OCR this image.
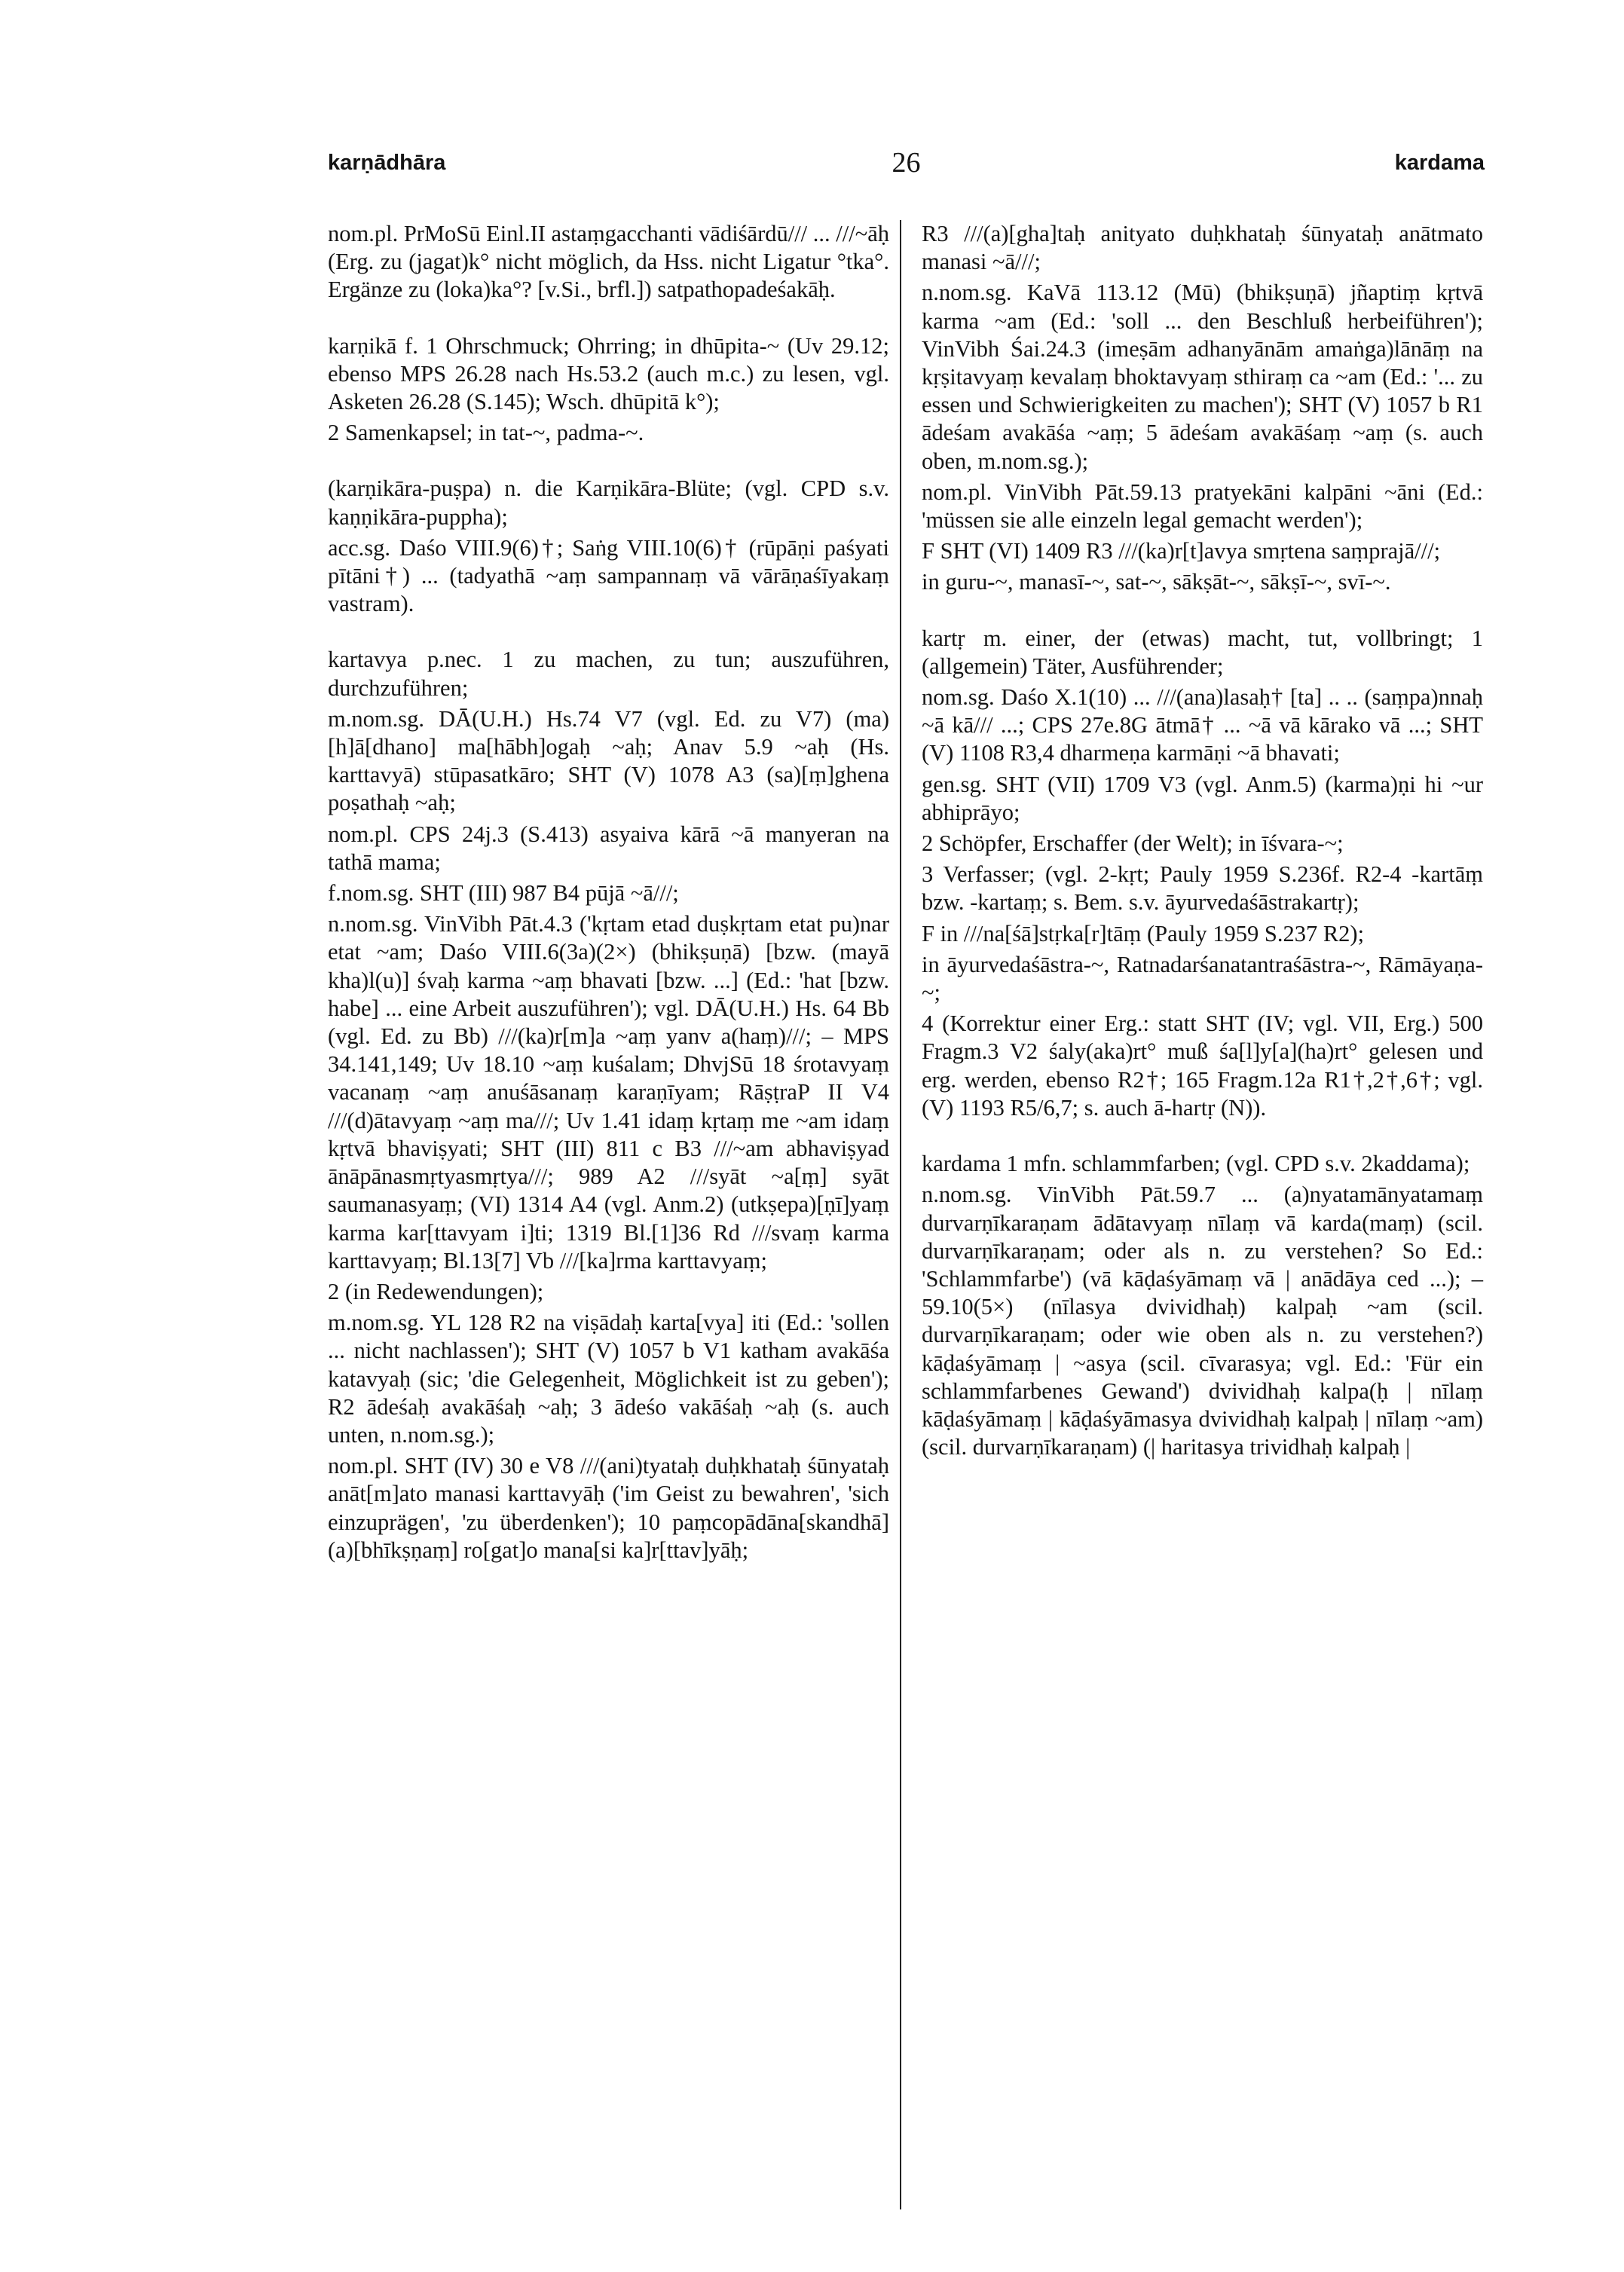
karṇādhāra	26	kardama
nom.pl. PrMoSū Einl.II astaṃgacchanti vādiśārdū/// ... ///~āḥ (Erg. zu (jagat)k° nicht möglich, da Hss. nicht Ligatur °tka°. Ergänze zu (loka)ka°? [v.Si., brfl.]) satpathopadeśakāḥ.
karṇikā f. 1 Ohrschmuck; Ohrring; in dhūpita-~ (Uv 29.12; ebenso MPS 26.28 nach Hs.53.2 (auch m.c.) zu lesen, vgl. Asketen 26.28 (S.145); Wsch. dhūpitā k°);
2 Samenkapsel; in tat-~, padma-~.
(karṇikāra-puṣpa) n. die Karṇikāra-Blüte; (vgl. CPD s.v. kaṇṇikāra-puppha);
acc.sg. Daśo VIII.9(6)†; Saṅg VIII.10(6)† (rūpāṇi paśyati pītāni†) ... (tadyathā ~aṃ sampannaṃ vā vārāṇaśīyakaṃ vastram).
kartavya p.nec. 1 zu machen, zu tun; auszuführen, durchzuführen;
m.nom.sg. DĀ(U.H.) Hs.74 V7 (vgl. Ed. zu V7) (ma)[h]ā[dhano] ma[hābh]ogaḥ ~aḥ; Anav 5.9 ~aḥ (Hs. karttavyā) stūpasatkāro; SHT (V) 1078 A3 (sa)[ṃ]ghena poṣathaḥ ~aḥ;
nom.pl. CPS 24j.3 (S.413) asyaiva kārā ~ā manyeran na tathā mama;
f.nom.sg. SHT (III) 987 B4 pūjā ~ā///;
n.nom.sg. VinVibh Pāt.4.3 ('kṛtam etad duṣkṛtam etat pu)nar etat ~am; Daśo VIII.6(3a)(2×) (bhikṣuṇā) [bzw. (mayā kha)l(u)] śvaḥ karma ~aṃ bhavati [bzw. ...] (Ed.: 'hat [bzw. habe] ... eine Arbeit auszuführen'); vgl. DĀ(U.H.) Hs. 64 Bb (vgl. Ed. zu Bb) ///(ka)r[m]a ~aṃ yanv a(haṃ)///; – MPS 34.141,149; Uv 18.10 ~aṃ kuśalam; DhvjSū 18 śrotavyaṃ vacanaṃ ~aṃ anuśāsanaṃ karaṇīyam; RāṣṭraP II V4 ///(d)ātavyaṃ ~aṃ ma///; Uv 1.41 idaṃ kṛtaṃ me ~am idaṃ kṛtvā bhaviṣyati; SHT (III) 811 c B3 ///~am abhaviṣyad ānāpānasmṛtyasmṛtya///; 989 A2 ///syāt ~a[ṃ] syāt saumanasyaṃ; (VI) 1314 A4 (vgl. Anm.2) (utkṣepa)[ṇī]yaṃ karma kar[ttavyam i]ti; 1319 Bl.[1]36 Rd ///svaṃ karma karttavyaṃ; Bl.13[7] Vb ///[ka]rma karttavyaṃ;
2 (in Redewendungen);
m.nom.sg. YL 128 R2 na viṣādaḥ karta[vya] iti (Ed.: 'sollen ... nicht nachlassen'); SHT (V) 1057 b V1 katham avakāśa katavyaḥ (sic; 'die Gelegenheit, Möglichkeit ist zu geben'); R2 ādeśaḥ avakāśaḥ ~aḥ; 3 ādeśo vakāśaḥ ~aḥ (s. auch unten, n.nom.sg.);
nom.pl. SHT (IV) 30 e V8 ///(ani)tyataḥ duḥkhataḥ śūnyataḥ anāt[m]ato manasi karttavyāḥ ('im Geist zu bewahren', 'sich einzuprägen', 'zu überdenken'); 10 paṃcopādāna[skandhā] (a)[bhīkṣṇaṃ] ro[gat]o mana[si ka]r[ttav]yāḥ;
R3 ///(a)[gha]taḥ anityato duḥkhataḥ śūnyataḥ anātmato manasi ~ā///;
n.nom.sg. KaVā 113.12 (Mū) (bhikṣuṇā) jñaptiṃ kṛtvā karma ~am (Ed.: 'soll ... den Beschluß herbeiführen'); VinVibh Śai.24.3 (imeṣām adhanyānām amaṅga)lānāṃ na kṛṣitavyaṃ kevalaṃ bhoktavyaṃ sthiraṃ ca ~am (Ed.: '... zu essen und Schwierigkeiten zu machen'); SHT (V) 1057 b R1 ādeśam avakāśa ~aṃ; 5 ādeśam avakāśaṃ ~aṃ (s. auch oben, m.nom.sg.);
nom.pl. VinVibh Pāt.59.13 pratyekāni kalpāni ~āni (Ed.: 'müssen sie alle einzeln legal gemacht werden');
F SHT (VI) 1409 R3 ///(ka)r[t]avya smṛtena saṃprajā///;
in guru-~, manasī-~, sat-~, sākṣāt-~, sākṣī-~, svī-~.
kartṛ m. einer, der (etwas) macht, tut, vollbringt; 1 (allgemein) Täter, Ausführender;
nom.sg. Daśo X.1(10) ... ///(ana)lasaḥ† [ta] .. .. (saṃpa)nnaḥ ~ā kā/// ...; CPS 27e.8G ātmā† ... ~ā vā kārako vā ...; SHT (V) 1108 R3,4 dharmeṇa karmāṇi ~ā bhavati;
gen.sg. SHT (VII) 1709 V3 (vgl. Anm.5) (karma)ṇi hi ~ur abhiprāyo;
2 Schöpfer, Erschaffer (der Welt); in īśvara-~;
3 Verfasser; (vgl. 2-kṛt; Pauly 1959 S.236f. R2-4 -kartāṃ bzw. -kartaṃ; s. Bem. s.v. āyurvedaśāstrakartṛ);
F in ///na[śā]stṛka[r]tāṃ (Pauly 1959 S.237 R2);
in āyurvedaśāstra-~, Ratnadarśanatantraśāstra-~, Rāmāyaṇa-~;
4 (Korrektur einer Erg.: statt SHT (IV; vgl. VII, Erg.) 500 Fragm.3 V2 śaly(aka)rt° muß śa[l]y[a](ha)rt° gelesen und erg. werden, ebenso R2†; 165 Fragm.12a R1†,2†,6†; vgl. (V) 1193 R5/6,7; s. auch ā-hartṛ (N)).
kardama 1 mfn. schlammfarben; (vgl. CPD s.v. 2kaddama);
n.nom.sg. VinVibh Pāt.59.7 ... (a)nyatamānyatamaṃ durvarṇīkaraṇam ādātavyaṃ nīlaṃ vā karda(maṃ) (scil. durvarṇīkaraṇam; oder als n. zu verstehen? So Ed.: 'Schlammfarbe') (vā kāḍaśyāmaṃ vā | anādāya ced ...); – 59.10(5×) (nīlasya dvividhaḥ) kalpaḥ ~am (scil. durvarṇīkaraṇam; oder wie oben als n. zu verstehen?) kāḍaśyāmaṃ | ~asya (scil. cīvarasya; vgl. Ed.: 'Für ein schlammfarbenes Gewand') dvividhaḥ kalpa(ḥ | nīlaṃ kāḍaśyāmaṃ | kāḍaśyāmasya dvividhaḥ kalpaḥ | nīlaṃ ~am) (scil. durvarṇīkaraṇam) (| haritasya trividhaḥ kalpaḥ |
